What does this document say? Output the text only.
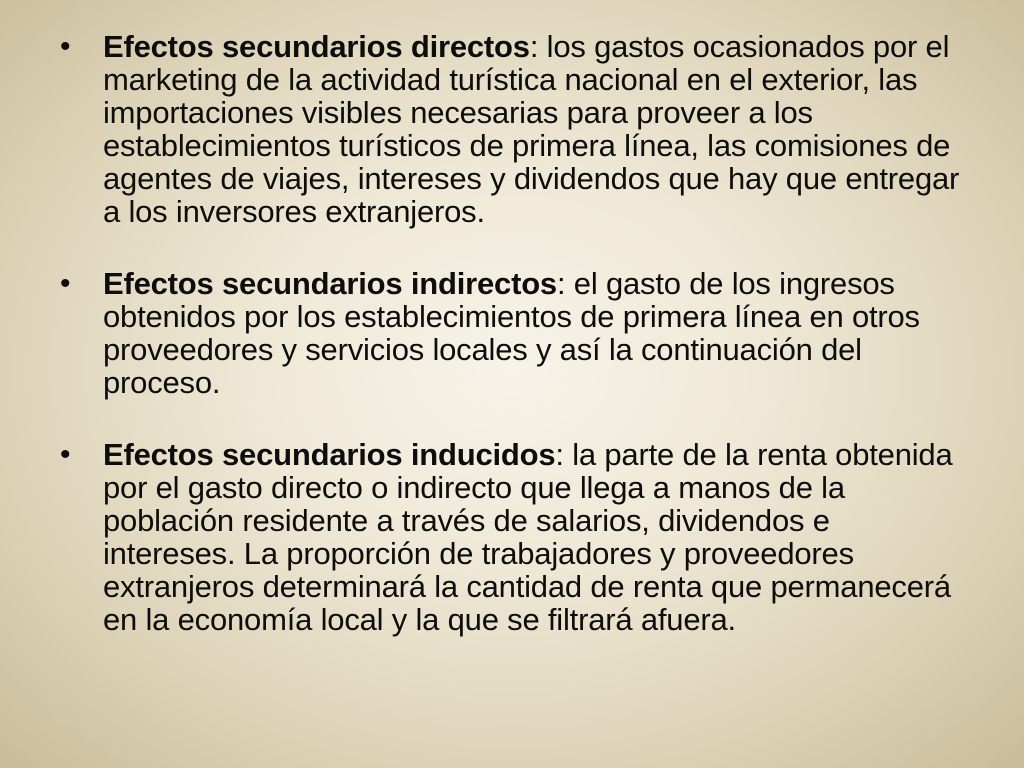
•	Efectos secundarios directos: los gastos ocasionados por el marketing de la actividad turística nacional en el exterior, las importaciones visibles necesarias para proveer a los establecimientos turísticos de primera línea, las comisiones de agentes de viajes, intereses y dividendos que hay que entregar a los inversores extranjeros.
•	Efectos secundarios indirectos: el gasto de los ingresos obtenidos por los establecimientos de primera línea en otros proveedores y servicios locales y así la continuación del proceso.
•	Efectos secundarios inducidos: la parte de la renta obtenida por el gasto directo o indirecto que llega a manos de la población residente a través de salarios, dividendos e intereses. La proporción de trabajadores y proveedores extranjeros determinará la cantidad de renta que permanecerá en la economía local y la que se filtrará afuera.
